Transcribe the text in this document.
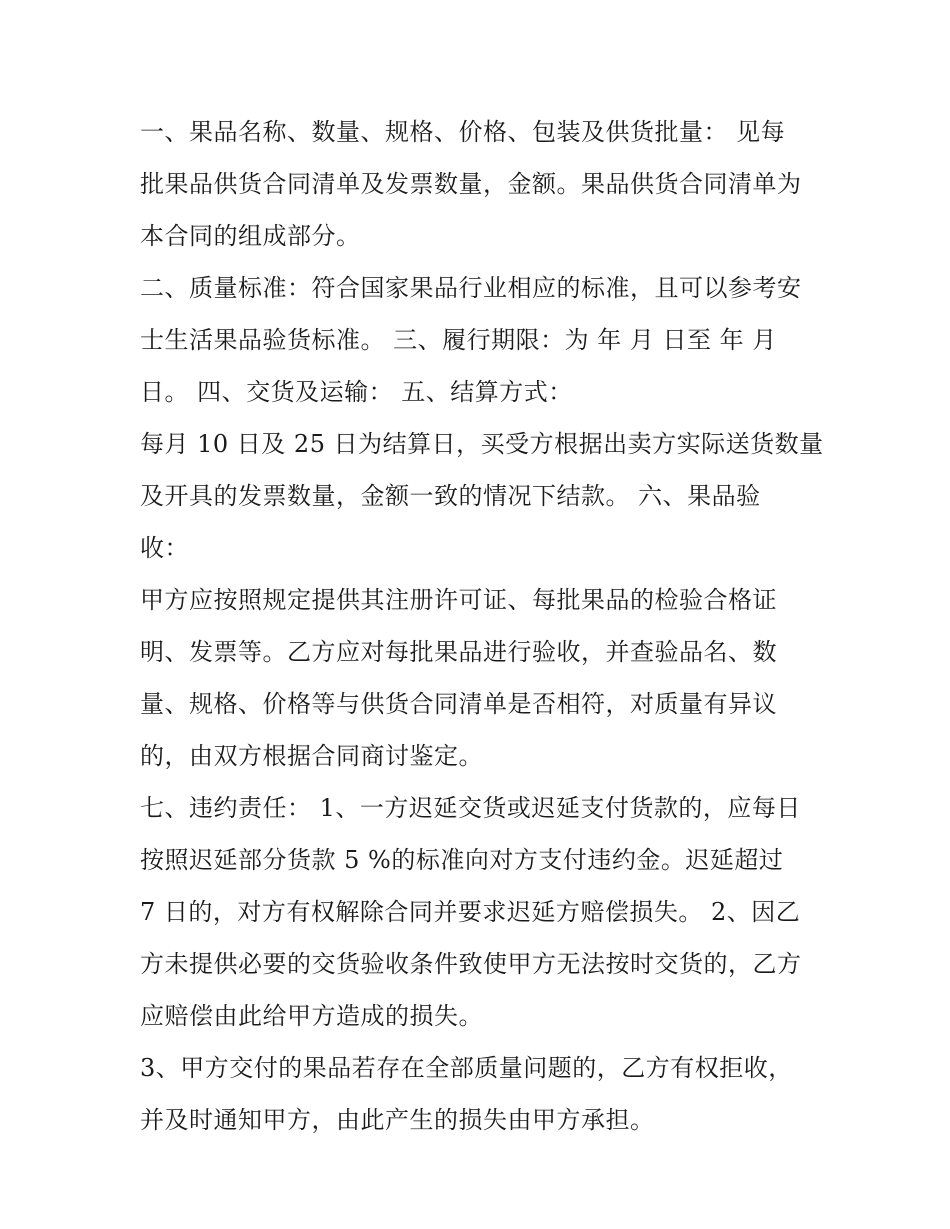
一、果品名称、数量、规格、价格、包装及供货批量： 见每
批果品供货合同清单及发票数量，金额。果品供货合同清单为
本合同的组成部分。
二、质量标准：符合国家果品行业相应的标准，且可以参考安
士生活果品验货标准。 三、履行期限：为 年 月 日至 年 月
日。 四、交货及运输： 五、结算方式：
每月 10 日及 25 日为结算日，买受方根据出卖方实际送货数量
及开具的发票数量，金额一致的情况下结款。 六、果品验
收：
甲方应按照规定提供其注册许可证、每批果品的检验合格证
明、发票等。乙方应对每批果品进行验收，并查验品名、数
量、规格、价格等与供货合同清单是否相符，对质量有异议
的，由双方根据合同商讨鉴定。
七、违约责任： 1、一方迟延交货或迟延支付货款的，应每日
按照迟延部分货款 5 %的标准向对方支付违约金。迟延超过
7 日的，对方有权解除合同并要求迟延方赔偿损失。 2、因乙
方未提供必要的交货验收条件致使甲方无法按时交货的，乙方
应赔偿由此给甲方造成的损失。
3、甲方交付的果品若存在全部质量问题的，乙方有权拒收，
并及时通知甲方，由此产生的损失由甲方承担。
